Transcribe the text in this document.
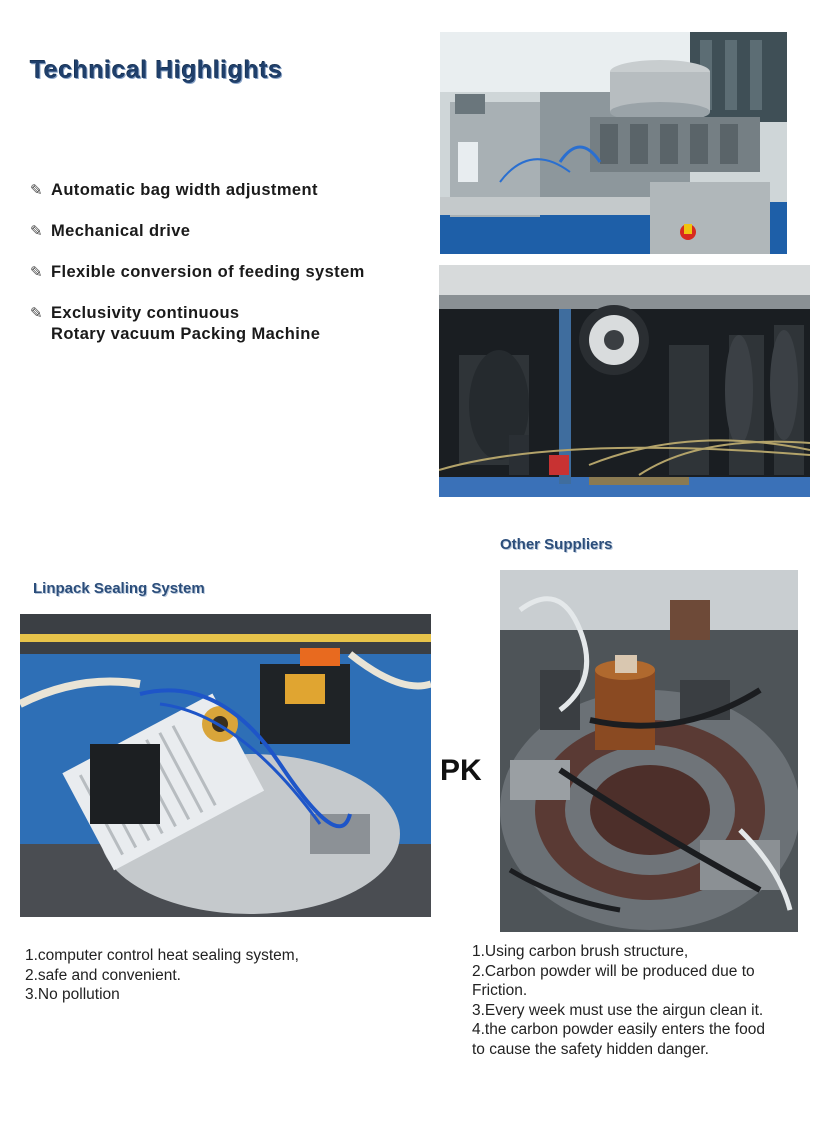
Technical Highlights
✎ Automatic bag width adjustment
✎ Mechanical drive
✎ Flexible conversion of feeding system
✎ Exclusivity continuous
Rotary vacuum Packing Machine
Linpack Sealing System
PK
Other Suppliers
1.computer control heat sealing system,
2.safe and convenient.
3.No pollution
1.Using carbon brush structure,
2.Carbon powder will be produced due to
Friction.
3.Every week must use the airgun clean it.
4.the carbon powder easily enters the food
to cause the safety hidden danger.
